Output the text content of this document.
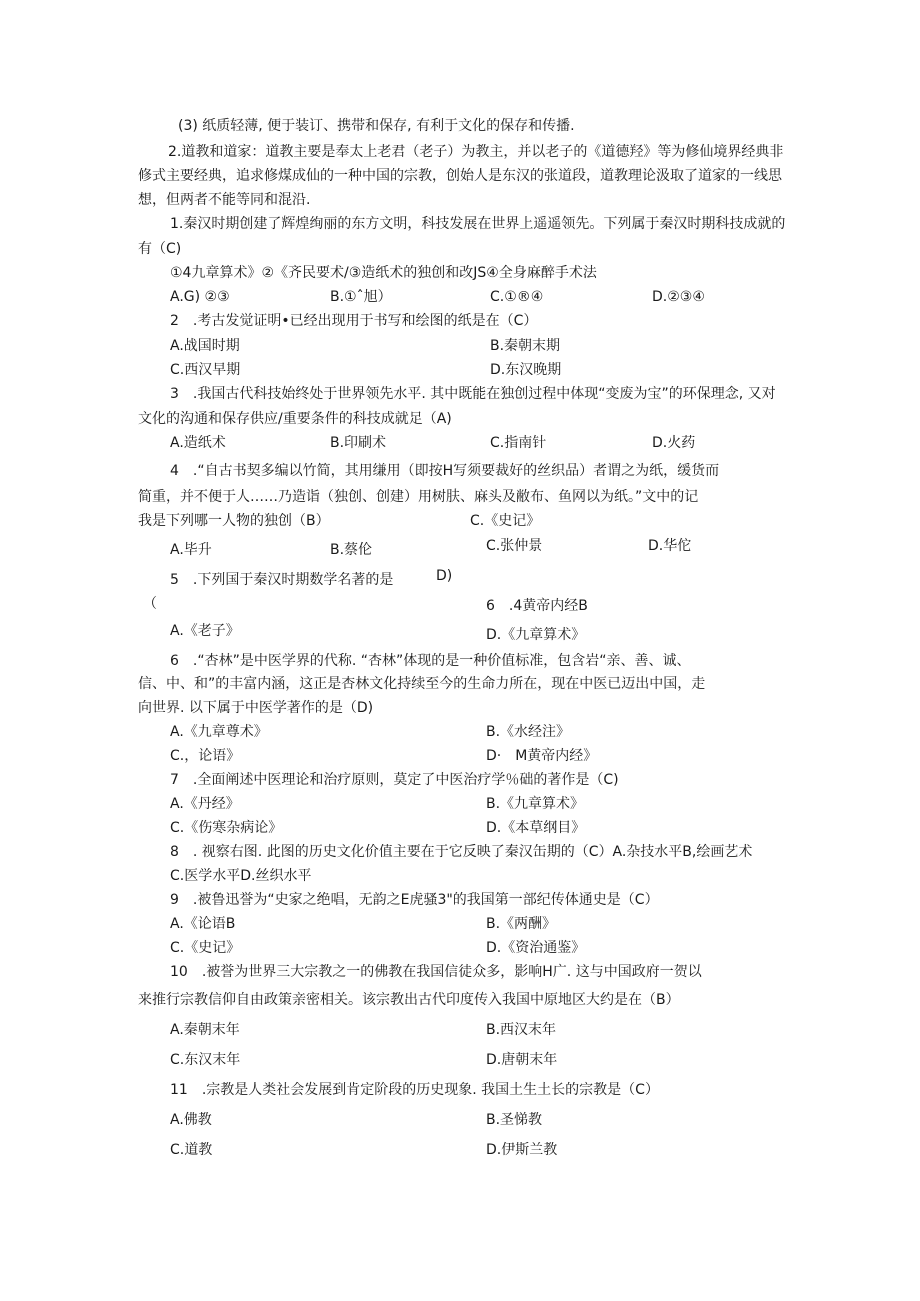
(3) 纸质轻薄, 便于装订、携带和保存, 有利于文化的保存和传播.
2.道教和道家：道教主要是奉太上老君（老子）为教主，并以老子的《道德羟》等为修仙境界经典非
修式主要经典，追求修煤成仙的一种中国的宗教，创始人是东汉的张道段，道教理论汲取了道家的一线思
想，但两者不能等同和混沿.
1.秦汉时期创建了辉煌绚丽的东方文明，科技发展在世界上遥遥领先。下列属于秦汉时期科技成就的
有（C)
①4九章算术》②《齐民要术/③造纸术的独创和改JS④全身麻醉手术法
A.G) ②③	B.①ˆ旭）	C.①®④	D.②③④
2　.考古发觉证明•已经出现用于书写和绘图的纸是在（C）
A.战国时期	B.秦朝末期
C.西汉早期	D.东汉晚期
3　.我国古代科技始终处于世界领先水平. 其中既能在独创过程中体现“变废为宝”的环保理念, 又对
文化的沟通和保存供应/重要条件的科技成就足（A)
A.造纸术	B.印刷术	C.指南针	D.火药
4　.“自古书契多编以竹简，其用缣用（即按H写须要裁好的丝织品）者谓之为纸，缓货而
简重，并不便于人……乃造诣（独创、创建）用树肤、麻头及敝布、鱼网以为纸。”文中的记
我是下列哪一人物的独创（B）	C.《史记》
A.毕升	B.蔡伦	C.张仲景	D.华佗
5　.下列国于秦汉时期数学名著的是	D)
（	6　.4黄帝内经B
A.《老子》	D.《九章算术》
6　.“杏林”是中医学界的代称. “杏林”体现的是一种价值标准，包含岩“亲、善、诚、
信、中、和”的丰富内涵，这正是杏林文化持续至今的生命力所在，现在中医已迈出中国，走
向世界. 以下属于中医学著作的是（D)
A.《九章尊术》	B.《水经注》
C.，论语》	D·　M黄帝内经》
7　.全面阐述中医理论和治疗原则，莫定了中医治疗学％础的著作是（C)
A.《丹经》	B.《九章算术》
C.《伤寒杂病论》	D.《本草纲目》
8　. 视察右图. 此图的历史文化价值主要在于它反映了秦汉缶期的（C）A.杂技水平B,绘画艺术
C.医学水平D.丝织水平
9　.被鲁迅誉为“史家之绝唱，无韵之E虎骚3"的我国第一部纪传体通史是（C）
A.《论语B	B.《两酬》
C.《史记》	D.《资治通鉴》
10　.被誉为世界三大宗教之一的佛教在我国信徒众多，影响H广. 这与中国政府一贺以
来推行宗教信仰自由政策亲密相关。该宗教出古代印度传入我国中原地区大约是在（B）
A.秦朝末年	B.西汉末年
C.东汉末年	D.唐朝末年
11　.宗教是人类社会发展到肯定阶段的历史现象. 我国土生土长的宗教是（C）
A.佛教	B.圣悌教
C.道教	D.伊斯兰教
